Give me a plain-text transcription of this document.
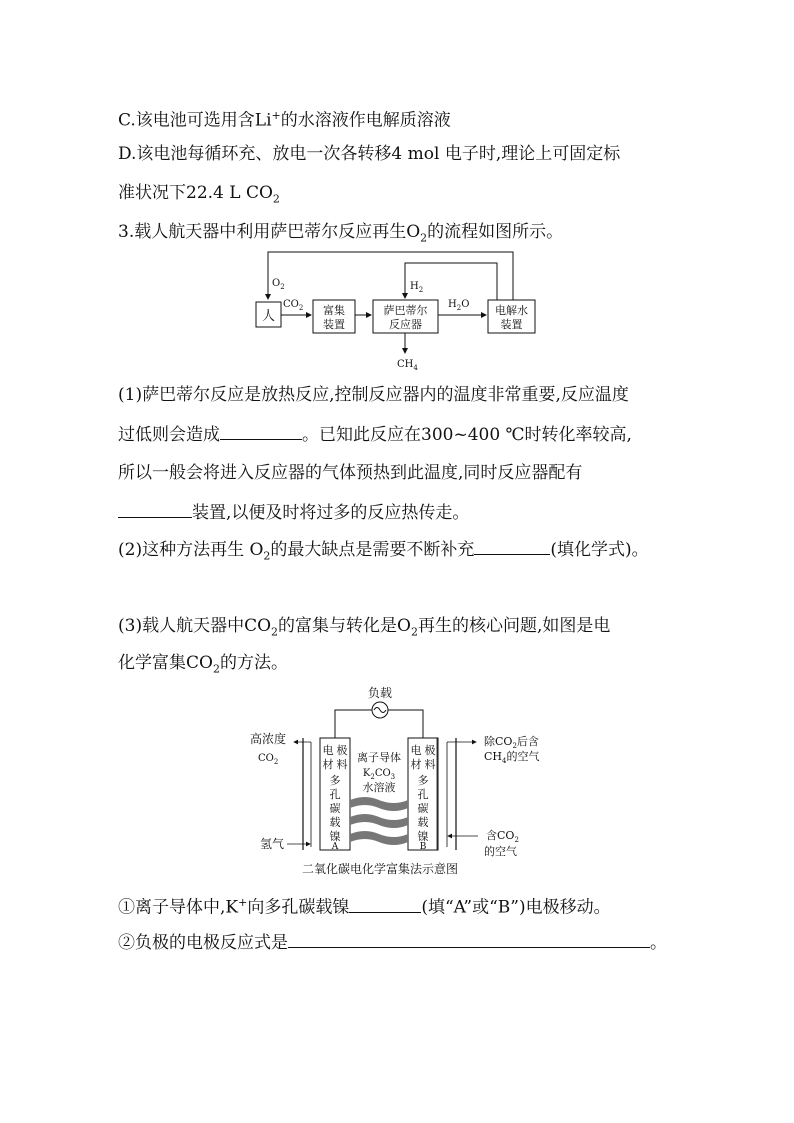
C.该电池可选用含Li+的水溶液作电解质溶液
D.该电池每循环充、放电一次各转移4 mol 电子时,理论上可固定标
准状况下22.4 L $CO_2$
3.载人航天器中利用萨巴蒂尔反应再生$O_2$的流程如图所示。
$O_2$	$H_2$
人	富集
装置
萨巴蒂尔
反应器
电解水
装置
$CO_2$	$H_2O$
$CH_4$
(1)萨巴蒂尔反应是放热反应,控制反应器内的温度非常重要,反应温度
过低则会造成	。已知此反应在300~400 ℃时转化率较高,
所以一般会将进入反应器的气体预热到此温度,同时反应器配有
装置,以便及时将过多的反应热传走。
(2)这种方法再生 $O_2$的最大缺点是需要不断补充	(填化学式)。
(3)载人航天器中$CO_2$的富集与转化是$O_2$再生的核心问题,如图是电
化学富集$CO_2$的方法。
负载
电 极
材 料
多
孔
碳
载
镍
A
电 极
材 料
多
孔
碳
载
镍
B
离子导体
$K_2CO_3$
水溶液
高浓度
$CO_2$
氢气
除$CO_2$后含
$CH_4$的空气
含$CO_2$
的空气
二氧化碳电化学富集法示意图
①离子导体中,K+向多孔碳载镍	(填“A”或“B”)电极移动。
②负极的电极反应式是	。
